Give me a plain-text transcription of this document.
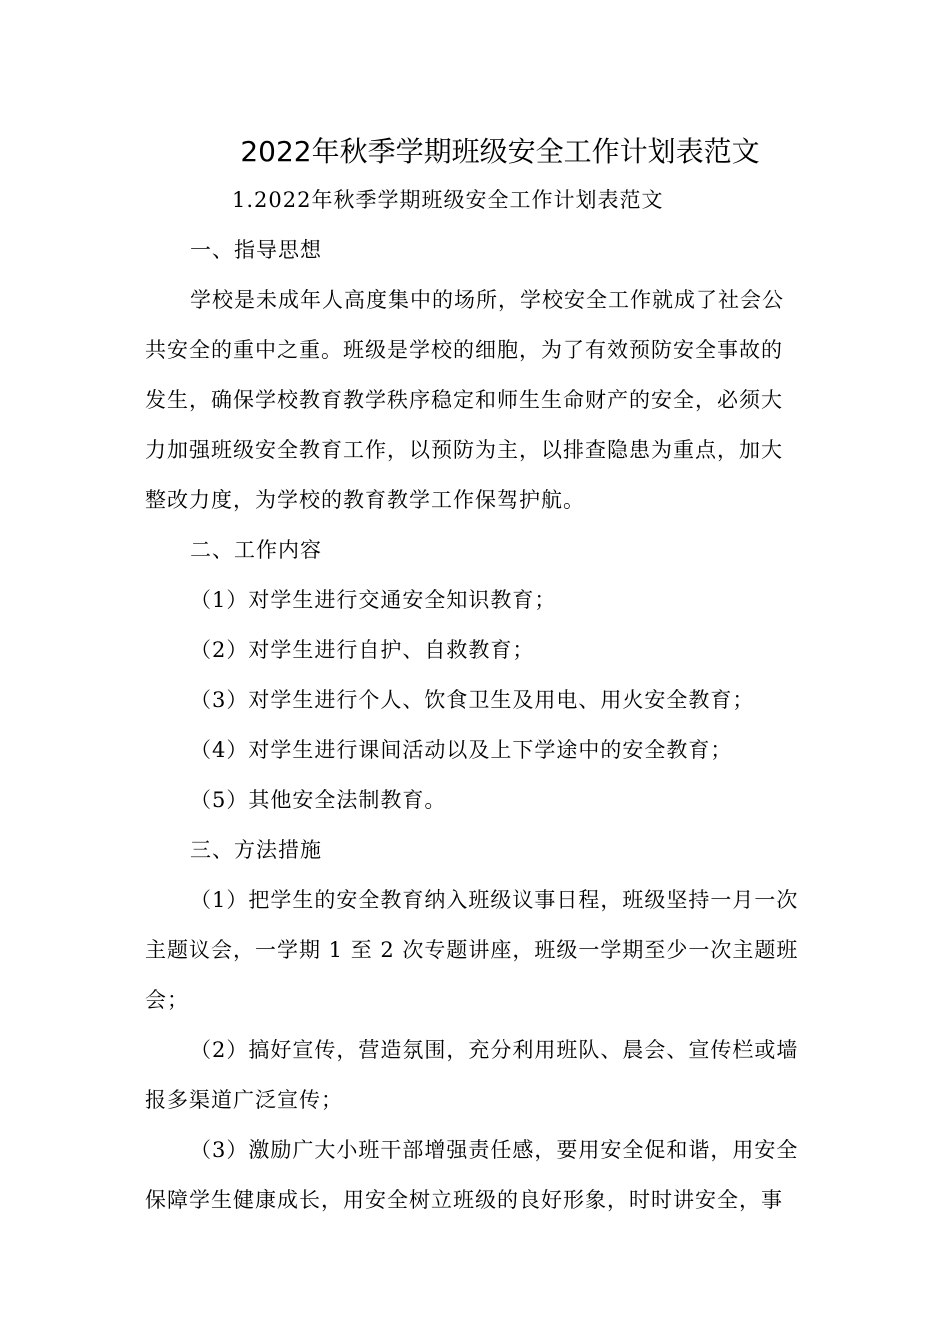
2022年秋季学期班级安全工作计划表范文
1.2022年秋季学期班级安全工作计划表范文
一、指导思想
学校是未成年人高度集中的场所，学校安全工作就成了社会公
共安全的重中之重。班级是学校的细胞，为了有效预防安全事故的
发生，确保学校教育教学秩序稳定和师生生命财产的安全，必须大
力加强班级安全教育工作，以预防为主，以排查隐患为重点，加大
整改力度，为学校的教育教学工作保驾护航。
二、工作内容
（1）对学生进行交通安全知识教育；
（2）对学生进行自护、自救教育；
（3）对学生进行个人、饮食卫生及用电、用火安全教育；
（4）对学生进行课间活动以及上下学途中的安全教育；
（5）其他安全法制教育。
三、方法措施
（1）把学生的安全教育纳入班级议事日程，班级坚持一月一次
主题议会，一学期 1 至 2 次专题讲座，班级一学期至少一次主题班
会；
（2）搞好宣传，营造氛围，充分利用班队、晨会、宣传栏或墙
报多渠道广泛宣传；
（3）激励广大小班干部增强责任感，要用安全促和谐，用安全
保障学生健康成长，用安全树立班级的良好形象，时时讲安全，事
